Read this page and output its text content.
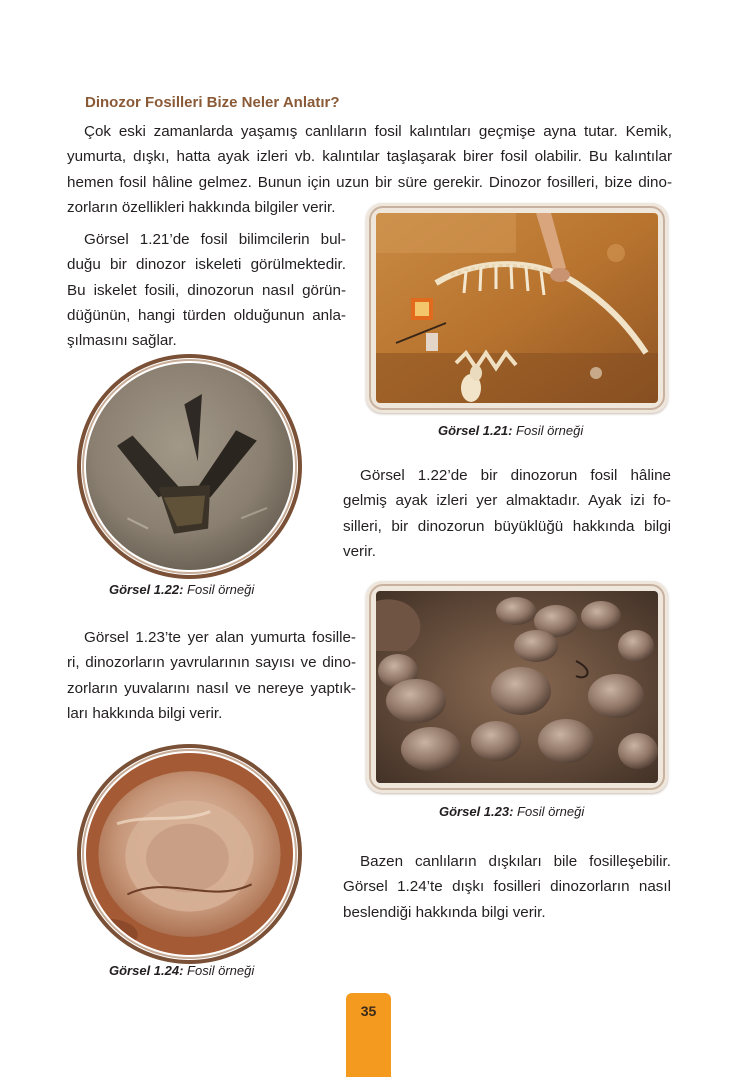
Dinozor Fosilleri Bize Neler Anlatır?
Çok eski zamanlarda yaşamış canlıların fosil kalıntıları geçmişe ayna tutar. Kemik,
yumurta, dışkı, hatta ayak izleri vb. kalıntılar taşlaşarak birer fosil olabilir. Bu kalıntılar
hemen fosil hâline gelmez. Bunun için uzun bir süre gerekir. Dinozor fosilleri, bize dino-
zorların özellikleri hakkında bilgiler verir.
Görsel 1.21’de fosil bilimcilerin bul-
duğu bir dinozor iskeleti görülmektedir.
Bu iskelet fosili, dinozorun nasıl görün-
düğünün, hangi türden olduğunun anla-
şılmasını sağlar.
Görsel 1.21: Fosil örneği
Görsel 1.22: Fosil örneği
Görsel 1.22’de bir dinozorun fosil hâline
gelmiş ayak izleri yer almaktadır. Ayak izi fo-
silleri, bir dinozorun büyüklüğü hakkında bilgi
verir.
Görsel 1.23’te yer alan yumurta fosille-
ri, dinozorların yavrularının sayısı ve dino-
zorların yuvalarını nasıl ve nereye yaptık-
ları hakkında bilgi verir.
Görsel 1.23: Fosil örneği
Görsel 1.24: Fosil örneği
Bazen canlıların dışkıları bile fosilleşebilir.
Görsel 1.24’te dışkı fosilleri dinozorların nasıl
beslendiği hakkında bilgi verir.
35
